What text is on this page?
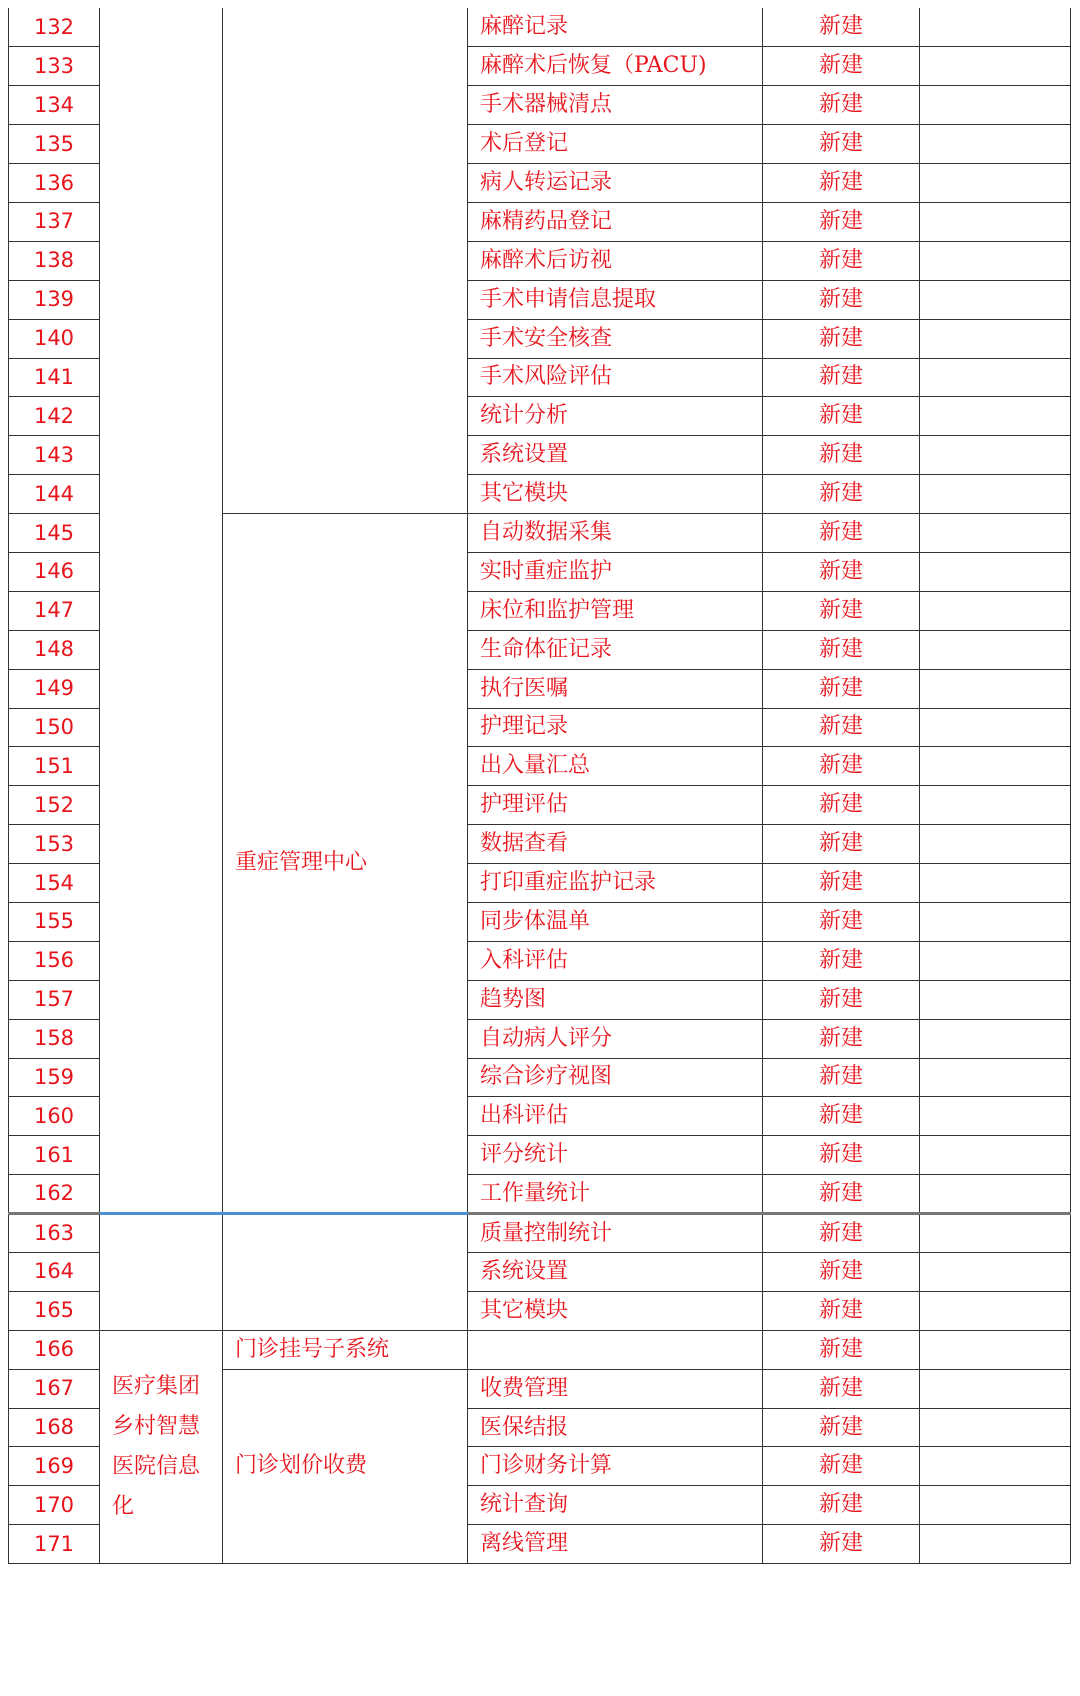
132			麻醉记录	新建	
133			麻醉术后恢复（PACU)	新建	
134			手术器械清点	新建	
135			术后登记	新建	
136			病人转运记录	新建	
137			麻精药品登记	新建	
138			麻醉术后访视	新建	
139			手术申请信息提取	新建	
140			手术安全核查	新建	
141			手术风险评估	新建	
142			统计分析	新建	
143			系统设置	新建	
144			其它模块	新建	
145		重症管理中心	自动数据采集	新建	
146			实时重症监护	新建	
147			床位和监护管理	新建	
148			生命体征记录	新建	
149			执行医嘱	新建	
150			护理记录	新建	
151			出入量汇总	新建	
152			护理评估	新建	
153			数据查看	新建	
154			打印重症监护记录	新建	
155			同步体温单	新建	
156			入科评估	新建	
157			趋势图	新建	
158			自动病人评分	新建	
159			综合诊疗视图	新建	
160			出科评估	新建	
161			评分统计	新建	
162			工作量统计	新建	
163			质量控制统计	新建	
164			系统设置	新建	
165			其它模块	新建	
166	医疗集团乡村智慧医院信息化	门诊挂号子系统		新建	
167		门诊划价收费	收费管理	新建	
168			医保结报	新建	
169			门诊财务计算	新建	
170			统计查询	新建	
171			离线管理	新建	
